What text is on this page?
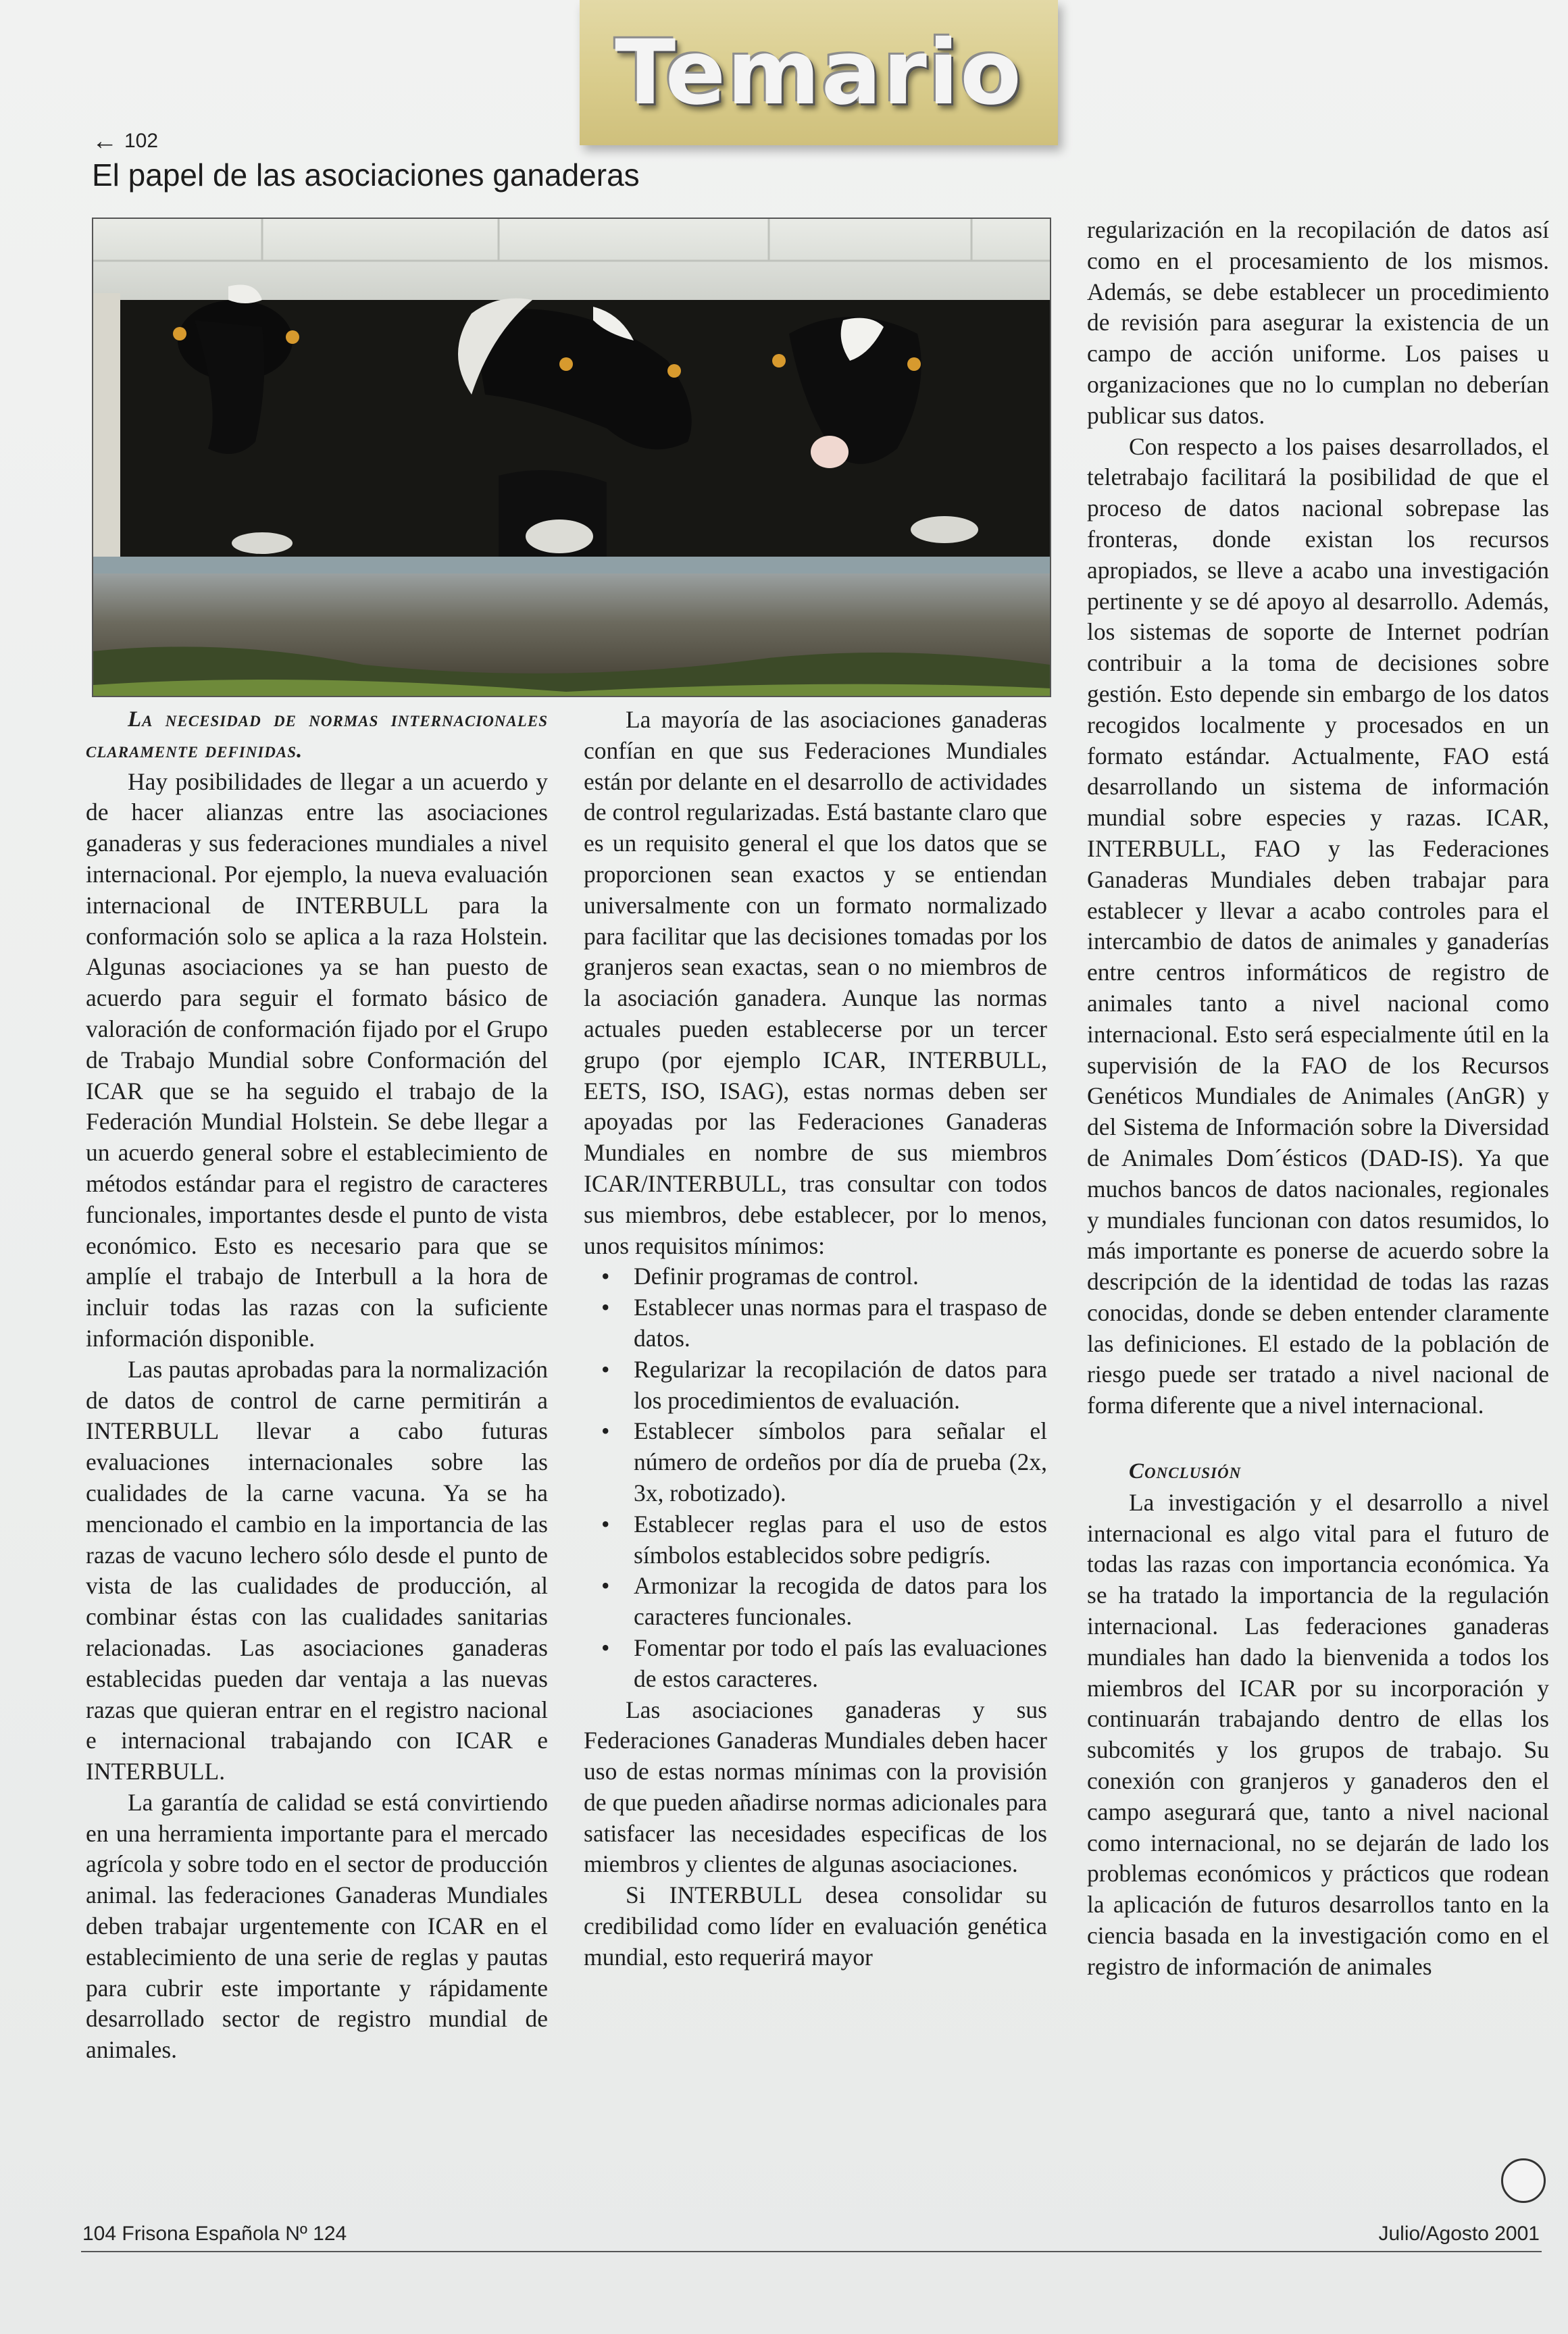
Temario
← 102
El papel de las asociaciones ganaderas

La necesidad de normas internacionales claramente definidas.

Hay posibilidades de llegar a un acuerdo y de hacer alianzas entre las asociaciones ganaderas y sus federaciones mundiales a nivel internacional. Por ejemplo, la nueva evaluación internacional de INTERBULL para la conformación solo se aplica a la raza Holstein. Algunas asociaciones ya se han puesto de acuerdo para seguir el formato básico de valoración de conformación fijado por el Grupo de Trabajo Mundial sobre Conformación del ICAR que se ha seguido el trabajo de la Federación Mundial Holstein. Se debe llegar a un acuerdo general sobre el establecimiento de métodos estándar para el registro de caracteres funcionales, importantes desde el punto de vista económico. Esto es necesario para que se amplíe el trabajo de Interbull a la hora de incluir todas las razas con la suficiente información disponible.

Las pautas aprobadas para la normalización de datos de control de carne permitirán a INTERBULL llevar a cabo futuras evaluaciones internacionales sobre las cualidades de la carne vacuna. Ya se ha mencionado el cambio en la importancia de las razas de vacuno lechero sólo desde el punto de vista de las cualidades de producción, al combinar éstas con las cualidades sanitarias relacionadas. Las asociaciones ganaderas establecidas pueden dar ventaja a las nuevas razas que quieran entrar en el registro nacional e internacional trabajando con ICAR e INTERBULL.

La garantía de calidad se está convirtiendo en una herramienta importante para el mercado agrícola y sobre todo en el sector de producción animal. las federaciones Ganaderas Mundiales deben trabajar urgentemente con ICAR en el establecimiento de una serie de reglas y pautas para cubrir este importante y rápidamente desarrollado sector de registro mundial de animales.

La mayoría de las asociaciones ganaderas confían en que sus Federaciones Mundiales están por delante en el desarrollo de actividades de control regularizadas. Está bastante claro que es un requisito general el que los datos que se proporcionen sean exactos y se entiendan universalmente con un formato normalizado para facilitar que las decisiones tomadas por los granjeros sean exactas, sean o no miembros de la asociación ganadera. Aunque las normas actuales pueden establecerse por un tercer grupo (por ejemplo ICAR, INTERBULL, EETS, ISO, ISAG), estas normas deben ser apoyadas por las Federaciones Ganaderas Mundiales en nombre de sus miembros ICAR/INTERBULL, tras consultar con todos sus miembros, debe establecer, por lo menos, unos requisitos mínimos:

• Definir programas de control.
• Establecer unas normas para el traspaso de datos.
• Regularizar la recopilación de datos para los procedimientos de evaluación.
• Establecer símbolos para señalar el número de ordeños por día de prueba (2x, 3x, robotizado).
• Establecer reglas para el uso de estos símbolos establecidos sobre pedigrís.
• Armonizar la recogida de datos para los caracteres funcionales.
• Fomentar por todo el país las evaluaciones de estos caracteres.

Las asociaciones ganaderas y sus Federaciones Ganaderas Mundiales deben hacer uso de estas normas mínimas con la provisión de que pueden añadirse normas adicionales para satisfacer las necesidades especificas de los miembros y clientes de algunas asociaciones.

Si INTERBULL desea consolidar su credibilidad como líder en evaluación genética mundial, esto requerirá mayor

regularización en la recopilación de datos así como en el procesamiento de los mismos. Además, se debe establecer un procedimiento de revisión para asegurar la existencia de un campo de acción uniforme. Los paises u organizaciones que no lo cumplan no deberían publicar sus datos.

Con respecto a los paises desarrollados, el teletrabajo facilitará la posibilidad de que el proceso de datos nacional sobrepase las fronteras, donde existan los recursos apropiados, se lleve a acabo una investigación pertinente y se dé apoyo al desarrollo. Además, los sistemas de soporte de Internet podrían contribuir a la toma de decisiones sobre gestión. Esto depende sin embargo de los datos recogidos localmente y procesados en un formato estándar. Actualmente, FAO está desarrollando un sistema de información mundial sobre especies y razas. ICAR, INTERBULL, FAO y las Federaciones Ganaderas Mundiales deben trabajar para establecer y llevar a acabo controles para el intercambio de datos de animales y ganaderías entre centros informáticos de registro de animales tanto a nivel nacional como internacional. Esto será especialmente útil en la supervisión de la FAO de los Recursos Genéticos Mundiales de Animales (AnGR) y del Sistema de Información sobre la Diversidad de Animales Dom´ésticos (DAD-IS). Ya que muchos bancos de datos nacionales, regionales y mundiales funcionan con datos resumidos, lo más importante es ponerse de acuerdo sobre la descripción de la identidad de todas las razas conocidas, donde se deben entender claramente las definiciones. El estado de la población de riesgo puede ser tratado a nivel nacional de forma diferente que a nivel internacional.

Conclusión

La investigación y el desarrollo a nivel internacional es algo vital para el futuro de todas las razas con importancia económica. Ya se ha tratado la importancia de la regulación internacional. Las federaciones ganaderas mundiales han dado la bienvenida a todos los miembros del ICAR por su incorporación y continuarán trabajando dentro de ellas los subcomités y los grupos de trabajo. Su conexión con granjeros y ganaderos den el campo asegurará que, tanto a nivel nacional como internacional, no se dejarán de lado los problemas económicos y prácticos que rodean la aplicación de futuros desarrollos tanto en la ciencia basada en la investigación como en el registro de información de animales

104 Frisona Española Nº 124	Julio/Agosto 2001
